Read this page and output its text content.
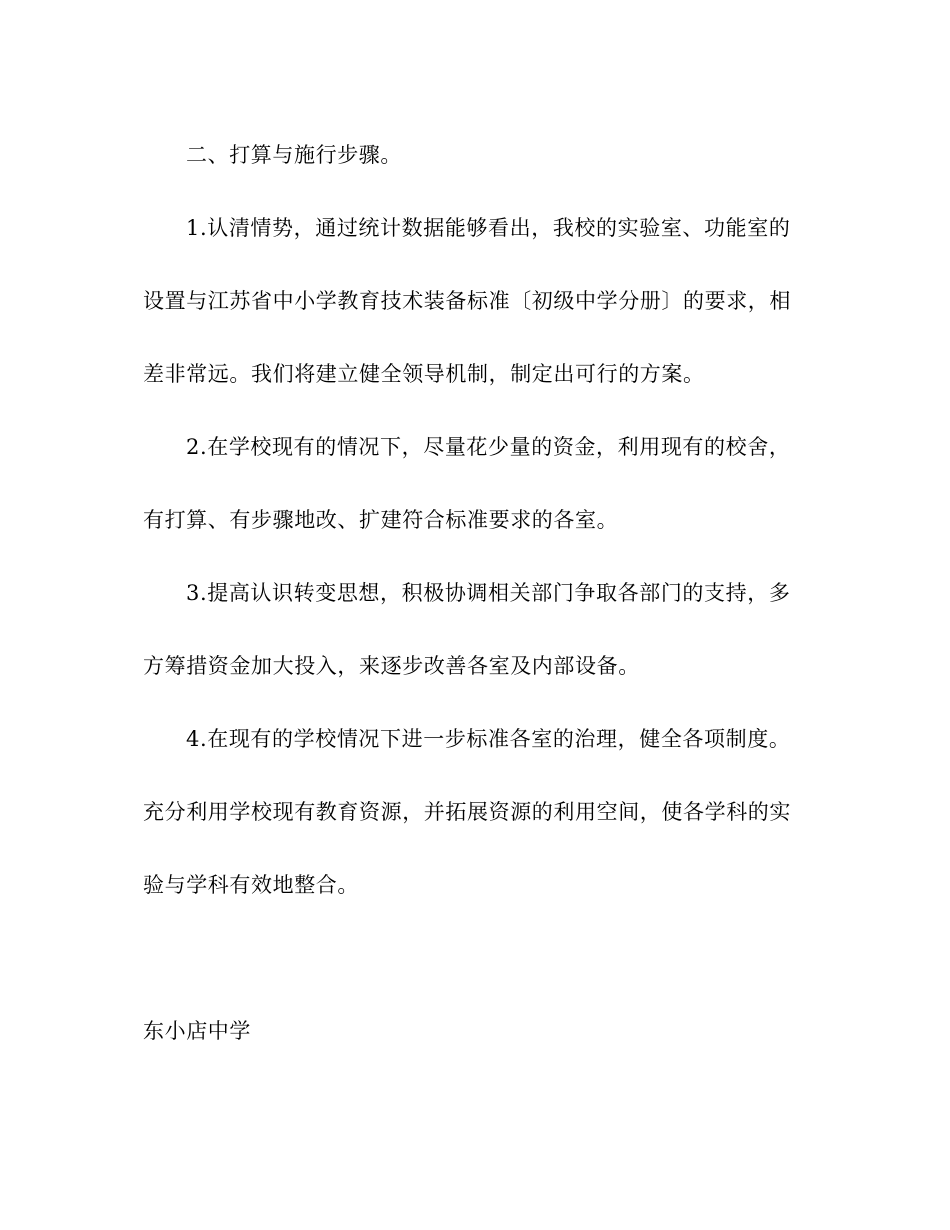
二、打算与施行步骤。
1.认清情势，通过统计数据能够看出，我校的实验室、功能室的
设置与江苏省中小学教育技术装备标准〔初级中学分册〕的要求，相
差非常远。我们将建立健全领导机制，制定出可行的方案。
2.在学校现有的情况下，尽量花少量的资金，利用现有的校舍，
有打算、有步骤地改、扩建符合标准要求的各室。
3.提高认识转变思想，积极协调相关部门争取各部门的支持，多
方筹措资金加大投入，来逐步改善各室及内部设备。
4.在现有的学校情况下进一步标准各室的治理，健全各项制度。
充分利用学校现有教育资源，并拓展资源的利用空间，使各学科的实
验与学科有效地整合。
东小店中学
